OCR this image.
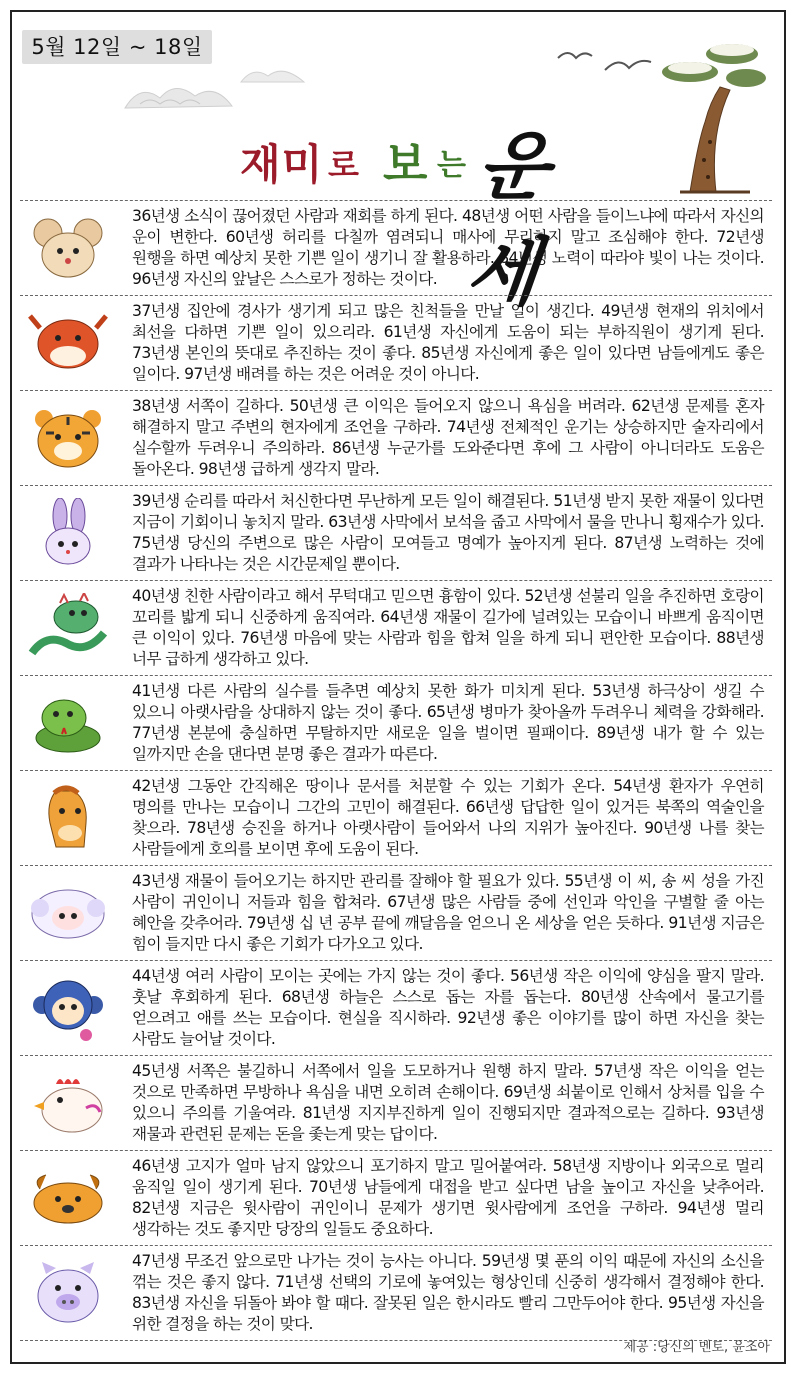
5월 12일 ~ 18일
재미 로 보 는 운세
36년생 소식이 끊어졌던 사람과 재회를 하게 된다. 48년생 어떤 사람을 들이느냐에 따라서 자신의 운이 변한다. 60년생 허리를 다칠까 염려되니 매사에 무리하지 말고 조심해야 한다. 72년생 원행을 하면 예상치 못한 기쁜 일이 생기니 잘 활용하라. 84년생 노력이 따라야 빛이 나는 것이다. 96년생 자신의 앞날은 스스로가 정하는 것이다.
37년생 집안에 경사가 생기게 되고 많은 친척들을 만날 일이 생긴다. 49년생 현재의 위치에서 최선을 다하면 기쁜 일이 있으리라. 61년생 자신에게 도움이 되는 부하직원이 생기게 된다. 73년생 본인의 뜻대로 추진하는 것이 좋다. 85년생 자신에게 좋은 일이 있다면 남들에게도 좋은 일이다. 97년생 배려를 하는 것은 어려운 것이 아니다.
38년생 서쪽이 길하다. 50년생 큰 이익은 들어오지 않으니 욕심을 버려라. 62년생 문제를 혼자 해결하지 말고 주변의 현자에게 조언을 구하라. 74년생 전체적인 운기는 상승하지만 술자리에서 실수할까 두려우니 주의하라. 86년생 누군가를 도와준다면 후에 그 사람이 아니더라도 도움은 돌아온다. 98년생 급하게 생각지 말라.
39년생 순리를 따라서 처신한다면 무난하게 모든 일이 해결된다. 51년생 받지 못한 재물이 있다면 지금이 기회이니 놓치지 말라. 63년생 사막에서 보석을 줍고 사막에서 물을 만나니 횡재수가 있다. 75년생 당신의 주변으로 많은 사람이 모여들고 명예가 높아지게 된다. 87년생 노력하는 것에 결과가 나타나는 것은 시간문제일 뿐이다.
40년생 친한 사람이라고 해서 무턱대고 믿으면 흉함이 있다. 52년생 섣불리 일을 추진하면 호랑이 꼬리를 밟게 되니 신중하게 움직여라. 64년생 재물이 길가에 널려있는 모습이니 바쁘게 움직이면 큰 이익이 있다. 76년생 마음에 맞는 사람과 힘을 합쳐 일을 하게 되니 편안한 모습이다. 88년생 너무 급하게 생각하고 있다.
41년생 다른 사람의 실수를 들추면 예상치 못한 화가 미치게 된다. 53년생 하극상이 생길 수 있으니 아랫사람을 상대하지 않는 것이 좋다. 65년생 병마가 찾아올까 두려우니 체력을 강화해라. 77년생 본분에 충실하면 무탈하지만 새로운 일을 벌이면 필패이다. 89년생 내가 할 수 있는 일까지만 손을 댄다면 분명 좋은 결과가 따른다.
42년생 그동안 간직해온 땅이나 문서를 처분할 수 있는 기회가 온다. 54년생 환자가 우연히 명의를 만나는 모습이니 그간의 고민이 해결된다. 66년생 답답한 일이 있거든 북쪽의 역술인을 찾으라. 78년생 승진을 하거나 아랫사람이 들어와서 나의 지위가 높아진다. 90년생 나를 찾는 사람들에게 호의를 보이면 후에 도움이 된다.
43년생 재물이 들어오기는 하지만 관리를 잘해야 할 필요가 있다. 55년생 이 씨, 송 씨 성을 가진 사람이 귀인이니 저들과 힘을 합쳐라. 67년생 많은 사람들 중에 선인과 악인을 구별할 줄 아는 혜안을 갖추어라. 79년생 십 년 공부 끝에 깨달음을 얻으니 온 세상을 얻은 듯하다. 91년생 지금은 힘이 들지만 다시 좋은 기회가 다가오고 있다.
44년생 여러 사람이 모이는 곳에는 가지 않는 것이 좋다. 56년생 작은 이익에 양심을 팔지 말라. 훗날 후회하게 된다. 68년생 하늘은 스스로 돕는 자를 돕는다. 80년생 산속에서 물고기를 얻으려고 애를 쓰는 모습이다. 현실을 직시하라. 92년생 좋은 이야기를 많이 하면 자신을 찾는 사람도 늘어날 것이다.
45년생 서쪽은 불길하니 서쪽에서 일을 도모하거나 원행 하지 말라. 57년생 작은 이익을 얻는 것으로 만족하면 무방하나 욕심을 내면 오히려 손해이다. 69년생 쇠붙이로 인해서 상처를 입을 수 있으니 주의를 기울여라. 81년생 지지부진하게 일이 진행되지만 결과적으로는 길하다. 93년생 재물과 관련된 문제는 돈을 좇는게 맞는 답이다.
46년생 고지가 얼마 남지 않았으니 포기하지 말고 밀어붙여라. 58년생 지방이나 외국으로 멀리 움직일 일이 생기게 된다. 70년생 남들에게 대접을 받고 싶다면 남을 높이고 자신을 낮추어라. 82년생 지금은 윗사람이 귀인이니 문제가 생기면 윗사람에게 조언을 구하라. 94년생 멀리 생각하는 것도 좋지만 당장의 일들도 중요하다.
47년생 무조건 앞으로만 나가는 것이 능사는 아니다. 59년생 몇 푼의 이익 때문에 자신의 소신을 꺾는 것은 좋지 않다. 71년생 선택의 기로에 놓여있는 형상인데 신중히 생각해서 결정해야 한다. 83년생 자신을 뒤돌아 봐야 할 때다. 잘못된 일은 한시라도 빨리 그만두어야 한다. 95년생 자신을 위한 결정을 하는 것이 맞다.
제공 :당신의 멘토, 윤조아
